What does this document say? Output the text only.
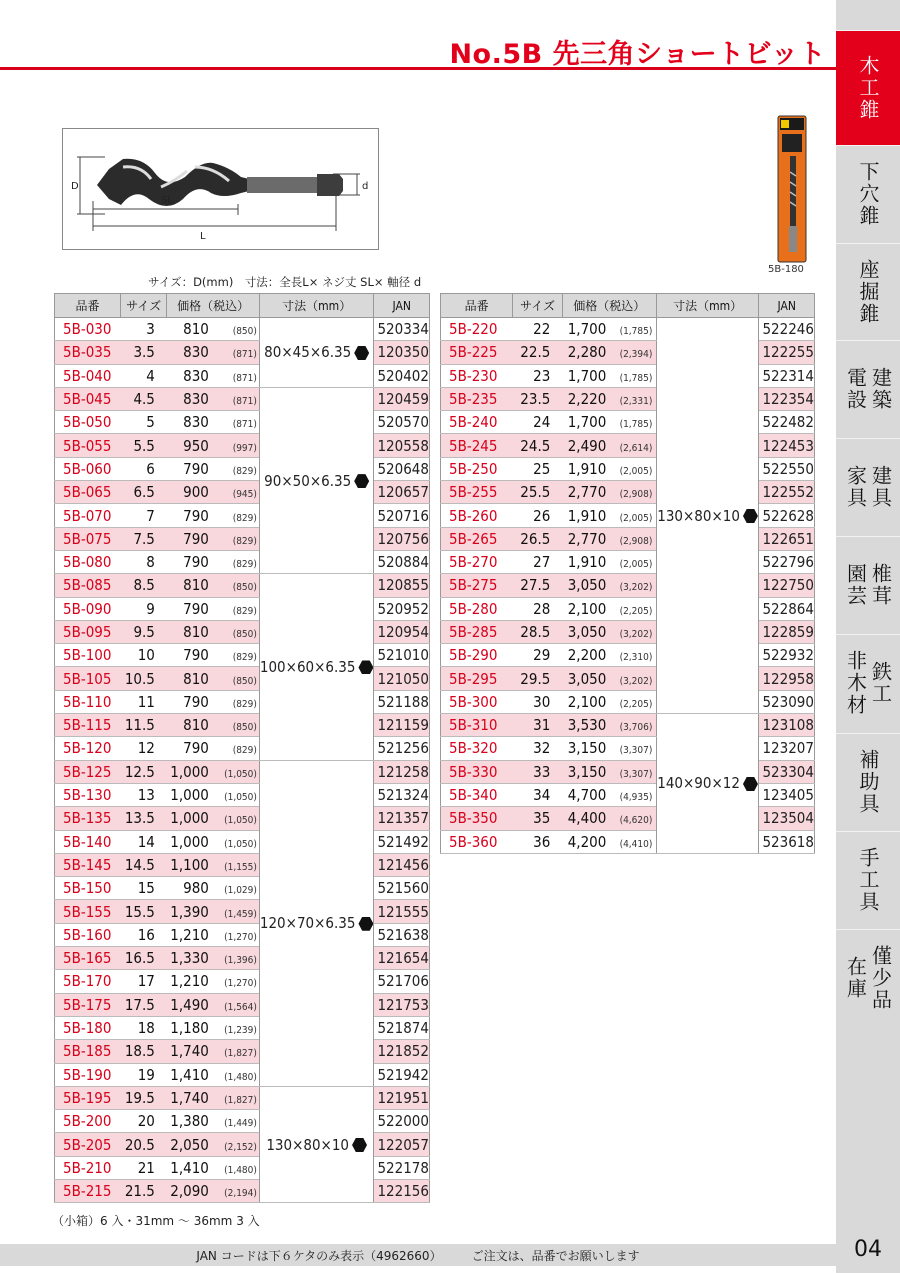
No.5B 先三角ショートビット
木工錐
下穴錐
座掘錐
電設 建築
家具 建具
園芸 椎茸
非木材 鉄工
補助具
手工具
在庫 僅少品
04
D
SL
L
d
5B-180
サイズ：D(mm)　寸法：全長L× ネジ丈 SL× 軸径 d
品番	サイズ	価格（税込）	寸法（mm）	JAN
5B-030	3	810 (850)	80×45×6.35	520334
5B-035	3.5	830 (871)		120350
5B-040	4	830 (871)		520402
5B-045	4.5	830 (871)	90×50×6.35	120459
5B-050	5	830 (871)		520570
5B-055	5.5	950 (997)		120558
5B-060	6	790 (829)		520648
5B-065	6.5	900 (945)		120657
5B-070	7	790 (829)		520716
5B-075	7.5	790 (829)		120756
5B-080	8	790 (829)		520884
5B-085	8.5	810 (850)	100×60×6.35	120855
5B-090	9	790 (829)		520952
5B-095	9.5	810 (850)		120954
5B-100	10	790 (829)		521010
5B-105	10.5	810 (850)		121050
5B-110	11	790 (829)		521188
5B-115	11.5	810 (850)		121159
5B-120	12	790 (829)		521256
5B-125	12.5	1,000 (1,050)	120×70×6.35	121258
5B-130	13	1,000 (1,050)		521324
5B-135	13.5	1,000 (1,050)		121357
5B-140	14	1,000 (1,050)		521492
5B-145	14.5	1,100 (1,155)		121456
5B-150	15	980 (1,029)		521560
5B-155	15.5	1,390 (1,459)		121555
5B-160	16	1,210 (1,270)		521638
5B-165	16.5	1,330 (1,396)		121654
5B-170	17	1,210 (1,270)		521706
5B-175	17.5	1,490 (1,564)		121753
5B-180	18	1,180 (1,239)		521874
5B-185	18.5	1,740 (1,827)		121852
5B-190	19	1,410 (1,480)		521942
5B-195	19.5	1,740 (1,827)	130×80×10	121951
5B-200	20	1,380 (1,449)		522000
5B-205	20.5	2,050 (2,152)		122057
5B-210	21	1,410 (1,480)		522178
5B-215	21.5	2,090 (2,194)		122156
品番	サイズ	価格（税込）	寸法（mm）	JAN
5B-220	22	1,700 (1,785)	130×80×10	522246
5B-225	22.5	2,280 (2,394)		122255
5B-230	23	1,700 (1,785)		522314
5B-235	23.5	2,220 (2,331)		122354
5B-240	24	1,700 (1,785)		522482
5B-245	24.5	2,490 (2,614)		122453
5B-250	25	1,910 (2,005)		522550
5B-255	25.5	2,770 (2,908)		122552
5B-260	26	1,910 (2,005)		522628
5B-265	26.5	2,770 (2,908)		122651
5B-270	27	1,910 (2,005)		522796
5B-275	27.5	3,050 (3,202)		122750
5B-280	28	2,100 (2,205)		522864
5B-285	28.5	3,050 (3,202)		122859
5B-290	29	2,200 (2,310)		522932
5B-295	29.5	3,050 (3,202)		122958
5B-300	30	2,100 (2,205)		523090
5B-310	31	3,530 (3,706)	140×90×12	123108
5B-320	32	3,150 (3,307)		123207
5B-330	33	3,150 (3,307)		523304
5B-340	34	4,700 (4,935)		123405
5B-350	35	4,400 (4,620)		123504
5B-360	36	4,200 (4,410)		523618
（小箱）6 入・31mm ～ 36mm 3 入
JAN コードは下６ケタのみ表示（4962660）	ご注文は、品番でお願いします
